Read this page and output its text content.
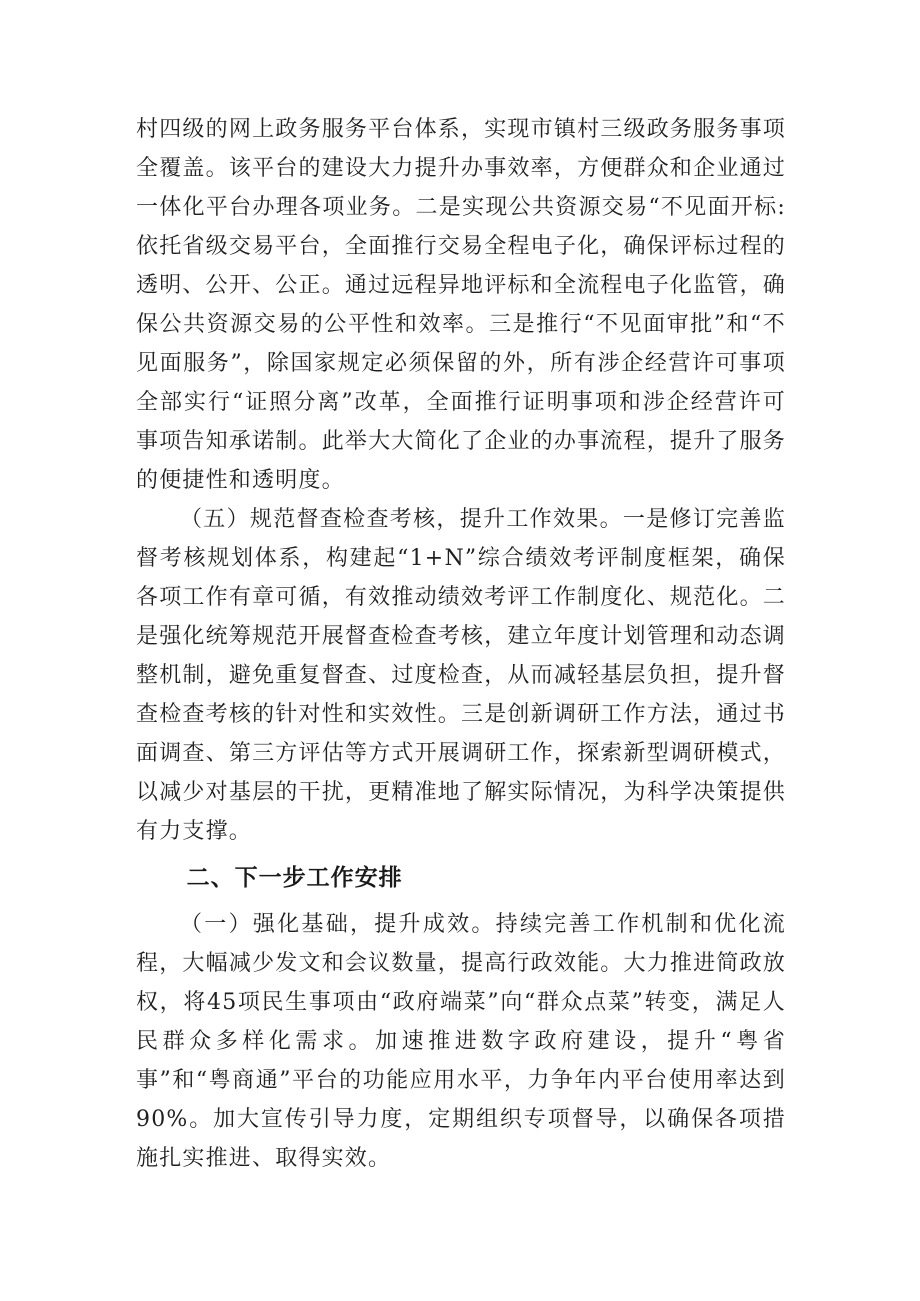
村四级的网上政务服务平台体系，实现市镇村三级政务服务事项全覆盖。该平台的建设大力提升办事效率，方便群众和企业通过一体化平台办理各项业务。二是实现公共资源交易“不见面开标:依托省级交易平台，全面推行交易全程电子化，确保评标过程的透明、公开、公正。通过远程异地评标和全流程电子化监管，确保公共资源交易的公平性和效率。三是推行“不见面审批”和“不见面服务”，除国家规定必须保留的外，所有涉企经营许可事项全部实行“证照分离”改革，全面推行证明事项和涉企经营许可事项告知承诺制。此举大大简化了企业的办事流程，提升了服务的便捷性和透明度。

（五）规范督查检查考核，提升工作效果。一是修订完善监督考核规划体系，构建起“1+N”综合绩效考评制度框架，确保各项工作有章可循，有效推动绩效考评工作制度化、规范化。二是强化统筹规范开展督查检查考核，建立年度计划管理和动态调整机制，避免重复督查、过度检查，从而减轻基层负担，提升督查检查考核的针对性和实效性。三是创新调研工作方法，通过书面调查、第三方评估等方式开展调研工作，探索新型调研模式，以减少对基层的干扰，更精准地了解实际情况，为科学决策提供有力支撑。

二、下一步工作安排

（一）强化基础，提升成效。持续完善工作机制和优化流程，大幅减少发文和会议数量，提高行政效能。大力推进简政放权，将45项民生事项由“政府端菜”向“群众点菜”转变，满足人民群众多样化需求。加速推进数字政府建设，提升“粤省事”和“粤商通”平台的功能应用水平，力争年内平台使用率达到90%。加大宣传引导力度，定期组织专项督导，以确保各项措施扎实推进、取得实效。
